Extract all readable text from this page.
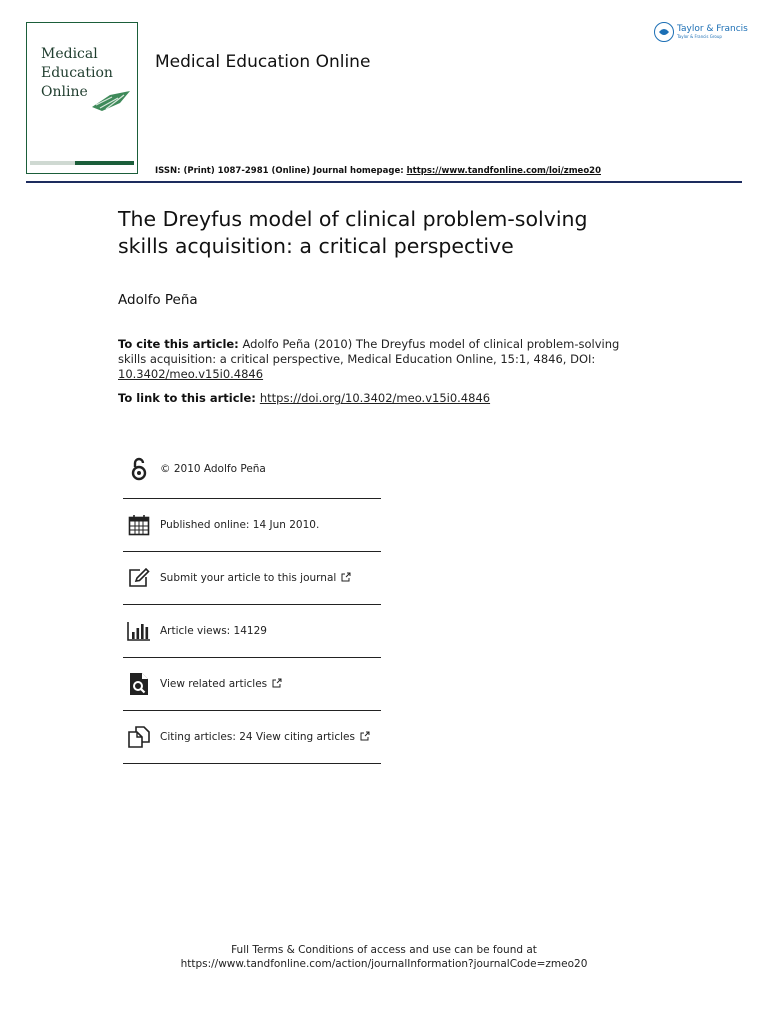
Medical
Education
Online
Medical Education Online
Taylor & Francis
Taylor & Francis Group
ISSN: (Print) 1087-2981 (Online) Journal homepage: https://www.tandfonline.com/loi/zmeo20
The Dreyfus model of clinical problem-solving skills acquisition: a critical perspective
Adolfo Peña
To cite this article: Adolfo Peña (2010) The Dreyfus model of clinical problem-solving skills acquisition: a critical perspective, Medical Education Online, 15:1, 4846, DOI: 10.3402/meo.v15i0.4846
To link to this article: https://doi.org/10.3402/meo.v15i0.4846
© 2010 Adolfo Peña
Published online: 14 Jun 2010.
Submit your article to this journal
Article views: 14129
View related articles
Citing articles: 24 View citing articles
Full Terms & Conditions of access and use can be found at
https://www.tandfonline.com/action/journalInformation?journalCode=zmeo20
